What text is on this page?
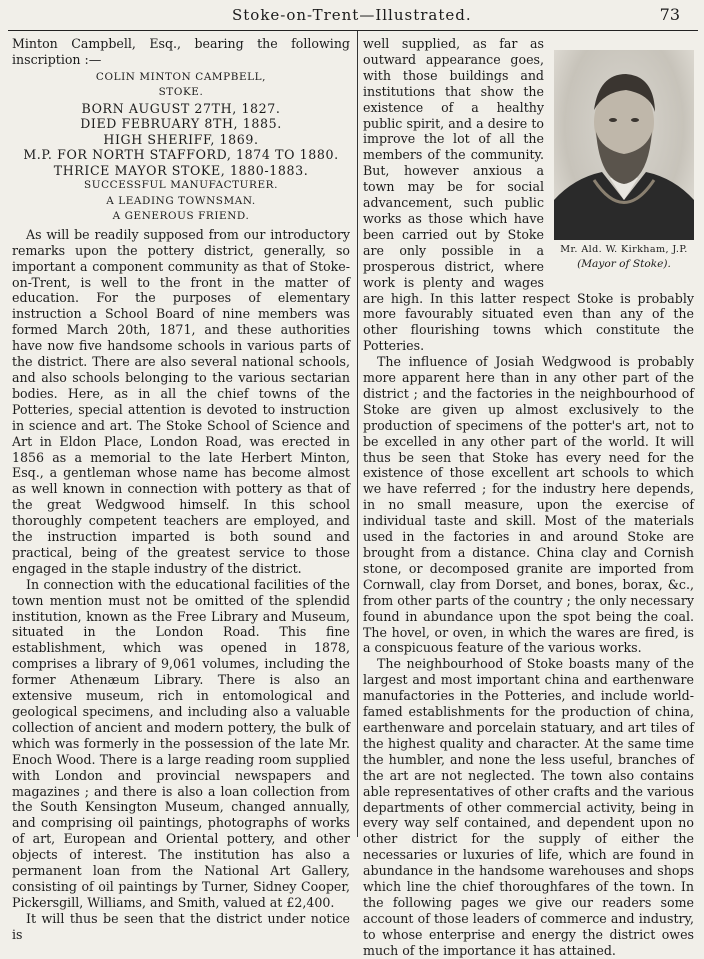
Stoke-on-Trent—Illustrated.	73

Minton Campbell, Esq., bearing the following inscription :—

COLIN MINTON CAMPBELL,
STOKE.
BORN AUGUST 27TH, 1827.
DIED FEBRUARY 8TH, 1885.
HIGH SHERIFF, 1869.
M.P. FOR NORTH STAFFORD, 1874 TO 1880.
THRICE MAYOR STOKE, 1880-1883.
SUCCESSFUL MANUFACTURER.
A LEADING TOWNSMAN.
A GENEROUS FRIEND.

As will be readily supposed from our introductory remarks upon the pottery district, generally, so important a component community as that of Stoke-on-Trent, is well to the front in the matter of education. For the purposes of elementary instruction a School Board of nine members was formed March 20th, 1871, and these authorities have now five handsome schools in various parts of the district. There are also several national schools, and also schools belonging to the various sectarian bodies. Here, as in all the chief towns of the Potteries, special attention is devoted to instruction in science and art. The Stoke School of Science and Art in Eldon Place, London Road, was erected in 1856 as a memorial to the late Herbert Minton, Esq., a gentleman whose name has become almost as well known in connection with pottery as that of the great Wedgwood himself. In this school thoroughly competent teachers are employed, and the instruction imparted is both sound and practical, being of the greatest service to those engaged in the staple industry of the district.

In connection with the educational facilities of the town mention must not be omitted of the splendid institution, known as the Free Library and Museum, situated in the London Road. This fine establishment, which was opened in 1878, comprises a library of 9,061 volumes, including the former Athenæum Library. There is also an extensive museum, rich in entomological and geological specimens, and including also a valuable collection of ancient and modern pottery, the bulk of which was formerly in the possession of the late Mr. Enoch Wood. There is a large reading room supplied with London and provincial newspapers and magazines ; and there is also a loan collection from the South Kensington Museum, changed annually, and comprising oil paintings, photographs of works of art, European and Oriental pottery, and other objects of interest. The institution has also a permanent loan from the National Art Gallery, consisting of oil paintings by Turner, Sidney Cooper, Pickersgill, Williams, and Smith, valued at £2,400.

It will thus be seen that the district under notice is

Mr. Ald. W. Kirkham, J.P.
(Mayor of Stoke).

well supplied, as far as outward appearance goes, with those buildings and institutions that show the existence of a healthy public spirit, and a desire to improve the lot of all the members of the community. But, however anxious a town may be for social advancement, such public works as those which have been carried out by Stoke are only possible in a prosperous district, where work is plenty and wages are high. In this latter respect Stoke is probably more favourably situated even than any of the other flourishing towns which constitute the Potteries.

The influence of Josiah Wedgwood is probably more apparent here than in any other part of the district ; and the factories in the neighbourhood of Stoke are given up almost exclusively to the production of specimens of the potter's art, not to be excelled in any other part of the world. It will thus be seen that Stoke has every need for the existence of those excellent art schools to which we have referred ; for the industry here depends, in no small measure, upon the exercise of individual taste and skill. Most of the materials used in the factories in and around Stoke are brought from a distance. China clay and Cornish stone, or decomposed granite are imported from Cornwall, clay from Dorset, and bones, borax, &c., from other parts of the country ; the only necessary found in abundance upon the spot being the coal. The hovel, or oven, in which the wares are fired, is a conspicuous feature of the various works.

The neighbourhood of Stoke boasts many of the largest and most important china and earthenware manufactories in the Potteries, and include world-famed establishments for the production of china, earthenware and porcelain statuary, and art tiles of the highest quality and character. At the same time the humbler, and none the less useful, branches of the art are not neglected. The town also contains able representatives of other crafts and the various departments of other commercial activity, being in every way self contained, and dependent upon no other district for the supply of either the necessaries or luxuries of life, which are found in abundance in the handsome warehouses and shops which line the chief thoroughfares of the town. In the following pages we give our readers some account of those leaders of commerce and industry, to whose enterprise and energy the district owes much of the importance it has attained.
